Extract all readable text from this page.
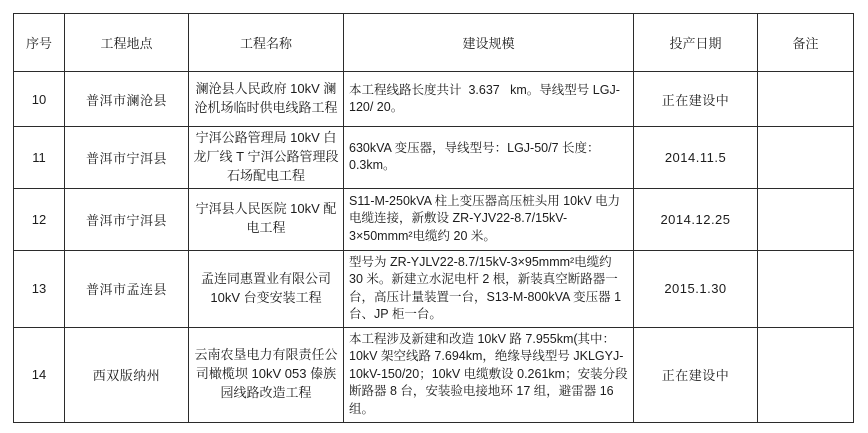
序号	工程地点	工程名称	建设规模	投产日期	备注
10	普洱市澜沧县	澜沧县人民政府 10kV 澜沧机场临时供电线路工程	本工程线路长度共计  3.637   km。导线型号 LGJ-120/ 20。	正在建设中	
11	普洱市宁洱县	宁洱公路管理局 10kV 白龙厂线 T 宁洱公路管理段石场配电工程	630kVA 变压器，导线型号：LGJ-50/7 长度：0.3km。	2014.11.5	
12	普洱市宁洱县	宁洱县人民医院 10kV 配电工程	S11-M-250kVA 柱上变压器高压桩头用 10kV 电力电缆连接，新敷设 ZR-YJV22-8.7/15kV-3×50mmm²电缆约 20 米。	2014.12.25	
13	普洱市孟连县	孟连同惠置业有限公司 10kV 台变安装工程	型号为 ZR-YJLV22-8.7/15kV-3×95mmm²电缆约 30 米。新建立水泥电杆 2 根，新装真空断路器一台，高压计量装置一台，S13-M-800kVA 变压器 1 台、JP 柜一台。	2015.1.30	
14	西双版纳州	云南农垦电力有限责任公司橄榄坝 10kV 053 傣族园线路改造工程	本工程涉及新建和改造 10kV 路 7.955km(其中：10kV 架空线路 7.694km，绝缘导线型号 JKLGYJ-10kV-150/20；10kV 电缆敷设 0.261km；安装分段断路器 8 台，安装验电接地环 17 组，避雷器 16 组。	正在建设中	
